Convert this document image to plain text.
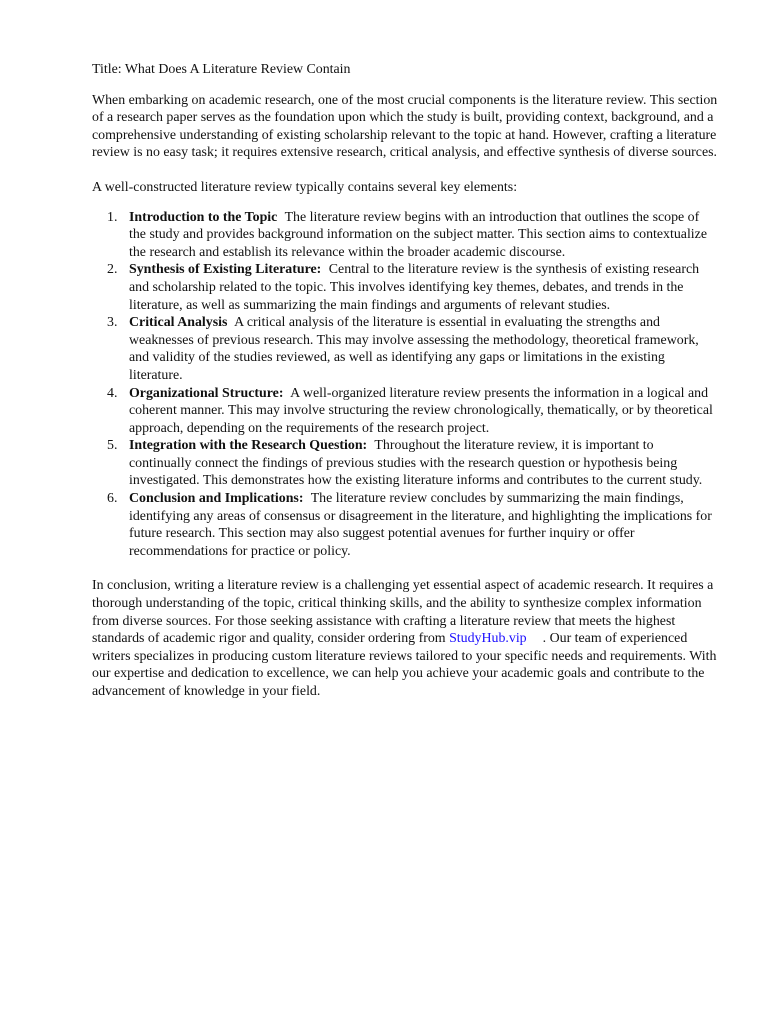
Title: What Does A Literature Review Contain

When embarking on academic research, one of the most crucial components is the literature review. This section of a research paper serves as the foundation upon which the study is built, providing context, background, and a comprehensive understanding of existing scholarship relevant to the topic at hand. However, crafting a literature review is no easy task; it requires extensive research, critical analysis, and effective synthesis of diverse sources.

A well-constructed literature review typically contains several key elements:

1. Introduction to the Topic The literature review begins with an introduction that outlines the scope of the study and provides background information on the subject matter. This section aims to contextualize the research and establish its relevance within the broader academic discourse.
2. Synthesis of Existing Literature: Central to the literature review is the synthesis of existing research and scholarship related to the topic. This involves identifying key themes, debates, and trends in the literature, as well as summarizing the main findings and arguments of relevant studies.
3. Critical Analysis A critical analysis of the literature is essential in evaluating the strengths and weaknesses of previous research. This may involve assessing the methodology, theoretical framework, and validity of the studies reviewed, as well as identifying any gaps or limitations in the existing literature.
4. Organizational Structure: A well-organized literature review presents the information in a logical and coherent manner. This may involve structuring the review chronologically, thematically, or by theoretical approach, depending on the requirements of the research project.
5. Integration with the Research Question: Throughout the literature review, it is important to continually connect the findings of previous studies with the research question or hypothesis being investigated. This demonstrates how the existing literature informs and contributes to the current study.
6. Conclusion and Implications: The literature review concludes by summarizing the main findings, identifying any areas of consensus or disagreement in the literature, and highlighting the implications for future research. This section may also suggest potential avenues for further inquiry or offer recommendations for practice or policy.

In conclusion, writing a literature review is a challenging yet essential aspect of academic research. It requires a thorough understanding of the topic, critical thinking skills, and the ability to synthesize complex information from diverse sources. For those seeking assistance with crafting a literature review that meets the highest standards of academic rigor and quality, consider ordering from StudyHub.vip . Our team of experienced writers specializes in producing custom literature reviews tailored to your specific needs and requirements. With our expertise and dedication to excellence, we can help you achieve your academic goals and contribute to the advancement of knowledge in your field.
